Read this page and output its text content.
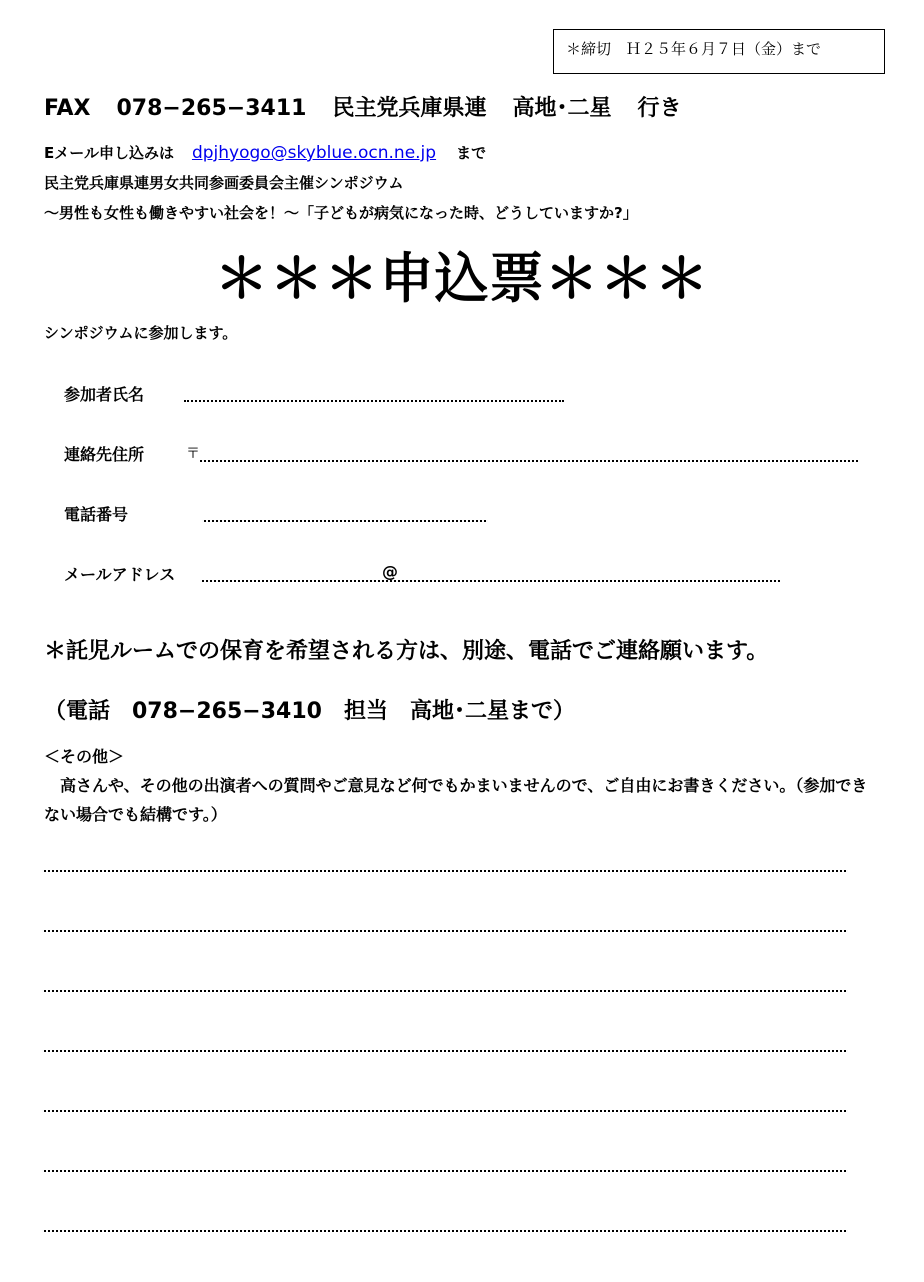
＊締切　Ｈ２５年６月７日（金）まで
FAX 078−265−3411 民主党兵庫県連 高地･二星 行き
Eメール申し込みは dpjhyogo@skyblue.ocn.ne.jp まで
民主党兵庫県連男女共同参画委員会主催シンポジウム
～男性も女性も働きやすい社会を！～「子どもが病気になった時、どうしていますか?」
＊＊＊申込票＊＊＊
シンポジウムに参加します。
参加者氏名
連絡先住所	〒
電話番号
メールアドレス	@
＊託児ルームでの保育を希望される方は、別途、電話でご連絡願います。
（電話　078−265−3410　担当　高地･二星まで）
＜その他＞
　高さんや、その他の出演者への質問やご意見など何でもかまいませんので、ご自由にお書きください。（参加できない場合でも結構です。）
